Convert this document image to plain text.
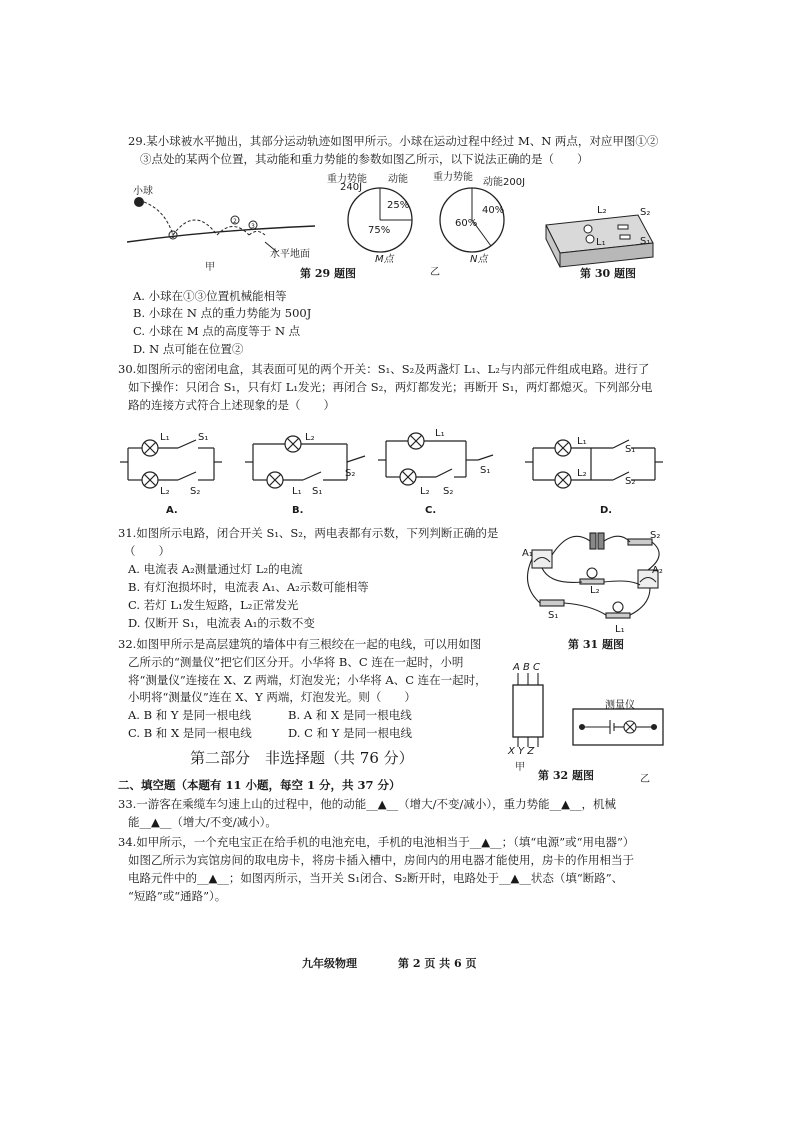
29.某小球被水平抛出，其部分运动轨迹如图甲所示。小球在运动过程中经过 M、N 两点，对应甲图①②
③点处的某两个位置，其动能和重力势能的参数如图乙所示，以下说法正确的是（　　）
1
2
3
小球
水平地面
甲
重力势能
240J
动能
25%
75%
M点
重力势能 动能200J
40%
60%
N点
乙
L₂	S₂
L₁	S₁
第 30 题图
第 29 题图
A. 小球在①③位置机械能相等
B. 小球在 N 点的重力势能为 500J
C. 小球在 M 点的高度等于 N 点
D. N 点可能在位置②
30.如图所示的密闭电盒，其表面可见的两个开关：S₁、S₂及两盏灯 L₁、L₂与内部元件组成电路。进行了
如下操作：只闭合 S₁，只有灯 L₁发光；再闭合 S₂，两灯都发光；再断开 S₁，两灯都熄灭。下列部分电
路的连接方式符合上述现象的是（　　）
L₁	S₁
L₂ S₂
A.
L₂
S₂
L₁ S₁
B.
L₁
S₁
L₂ S₂
C.
L₁
S₁
L₂
S₂
D.
31.如图所示电路，闭合开关 S₁、S₂，两电表都有示数，下列判断正确的是
（　　）
A. 电流表 A₂测量通过灯 L₂的电流
B. 有灯泡损坏时，电流表 A₁、A₂示数可能相等
C. 若灯 L₁发生短路，L₂正常发光
D. 仅断开 S₁，电流表 A₁的示数不变
A₁
A₂
L₂
L₁
S₁
S₂
第 31 题图
32.如图甲所示是高层建筑的墙体中有三根绞在一起的电线，可以用如图
乙所示的“测量仪”把它们区分开。小华将 B、C 连在一起时，小明
将“测量仪”连接在 X、Z 两端，灯泡发光；小华将 A、C 连在一起时，
小明将“测量仪”连在 X、Y 两端，灯泡发光。则（　　）
A. B 和 Y 是同一根电线	B. A 和 X 是同一根电线
C. B 和 X 是同一根电线	D. C 和 Y 是同一根电线
A B C
X Y Z
甲
测量仪
乙
第 32 题图
第二部分　非选择题（共 76 分）
二、填空题（本题有 11 小题，每空 1 分，共 37 分）
33.一游客在乘缆车匀速上山的过程中，他的动能__▲__（增大/不变/减小），重力势能__▲__，机械
能__▲__（增大/不变/减小）。
34.如甲所示，一个充电宝正在给手机的电池充电，手机的电池相当于__▲__；（填“电源”或“用电器”）
如图乙所示为宾馆房间的取电房卡，将房卡插入槽中，房间内的用电器才能使用，房卡的作用相当于
电路元件中的__▲__；如图丙所示，当开关 S₁闭合、S₂断开时，电路处于__▲__状态（填“断路”、
“短路”或“通路”）。
九年级物理	第 2 页 共 6 页
